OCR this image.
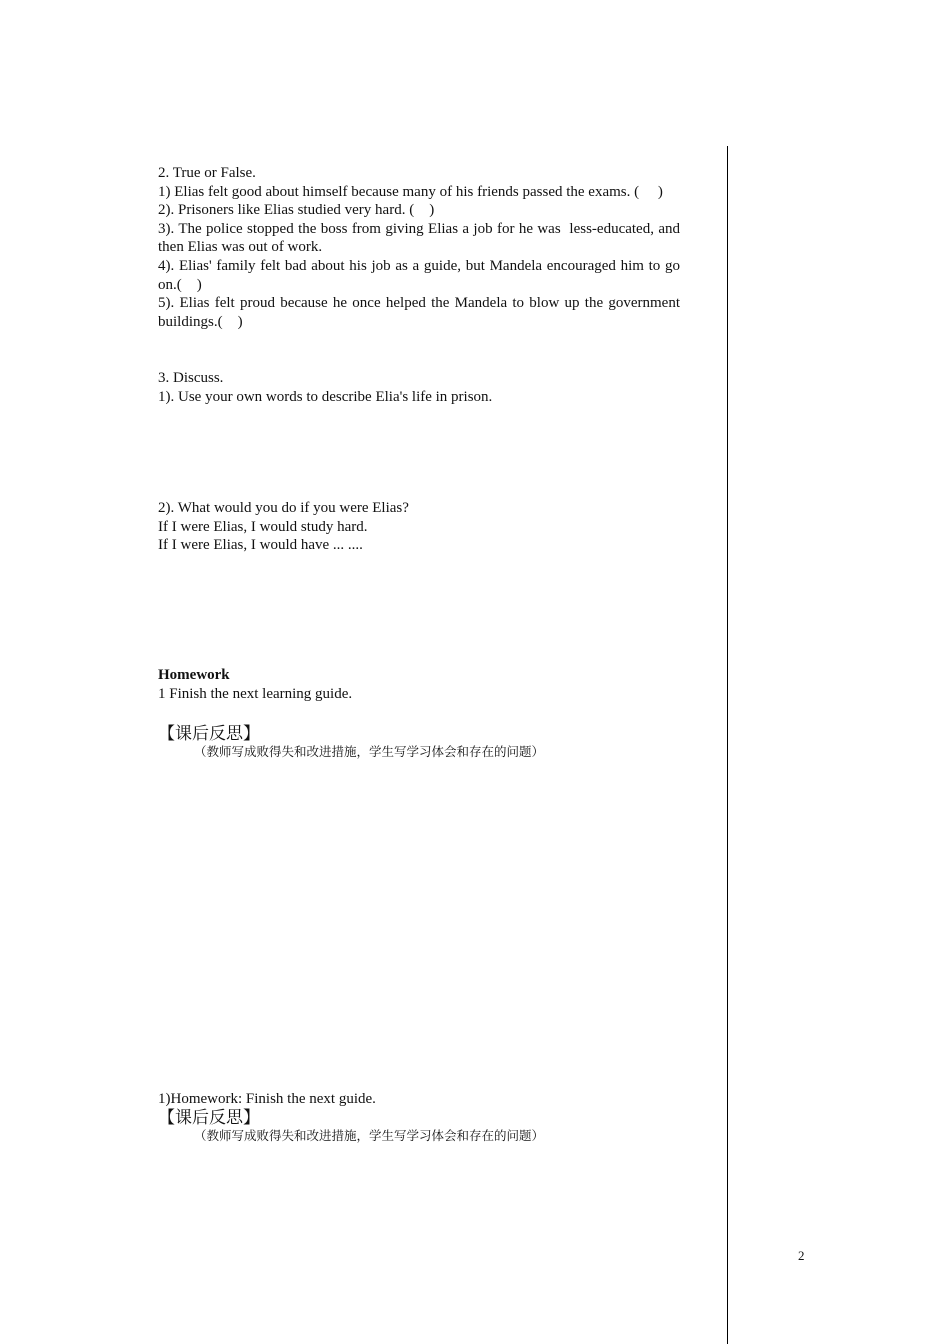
2. True or False.
1) Elias felt good about himself because many of his friends passed the exams. (     )
2). Prisoners like Elias studied very hard. (    )
3). The police stopped the boss from giving Elias a job for he was  less-educated, and then Elias was out of work.
4). Elias' family felt bad about his job as a guide, but Mandela encouraged him to go on.(    )
5). Elias felt proud because he once helped the Mandela to blow up the government buildings.(    )
3. Discuss.
1). Use your own words to describe Elia's life in prison.
2). What would you do if you were Elias?
If I were Elias, I would study hard.
If I were Elias, I would have ... ....
Homework
1 Finish the next learning guide.
【课后反思】
（教师写成败得失和改进措施，学生写学习体会和存在的问题）
1)Homework: Finish the next guide.
【课后反思】
（教师写成败得失和改进措施，学生写学习体会和存在的问题）
2
